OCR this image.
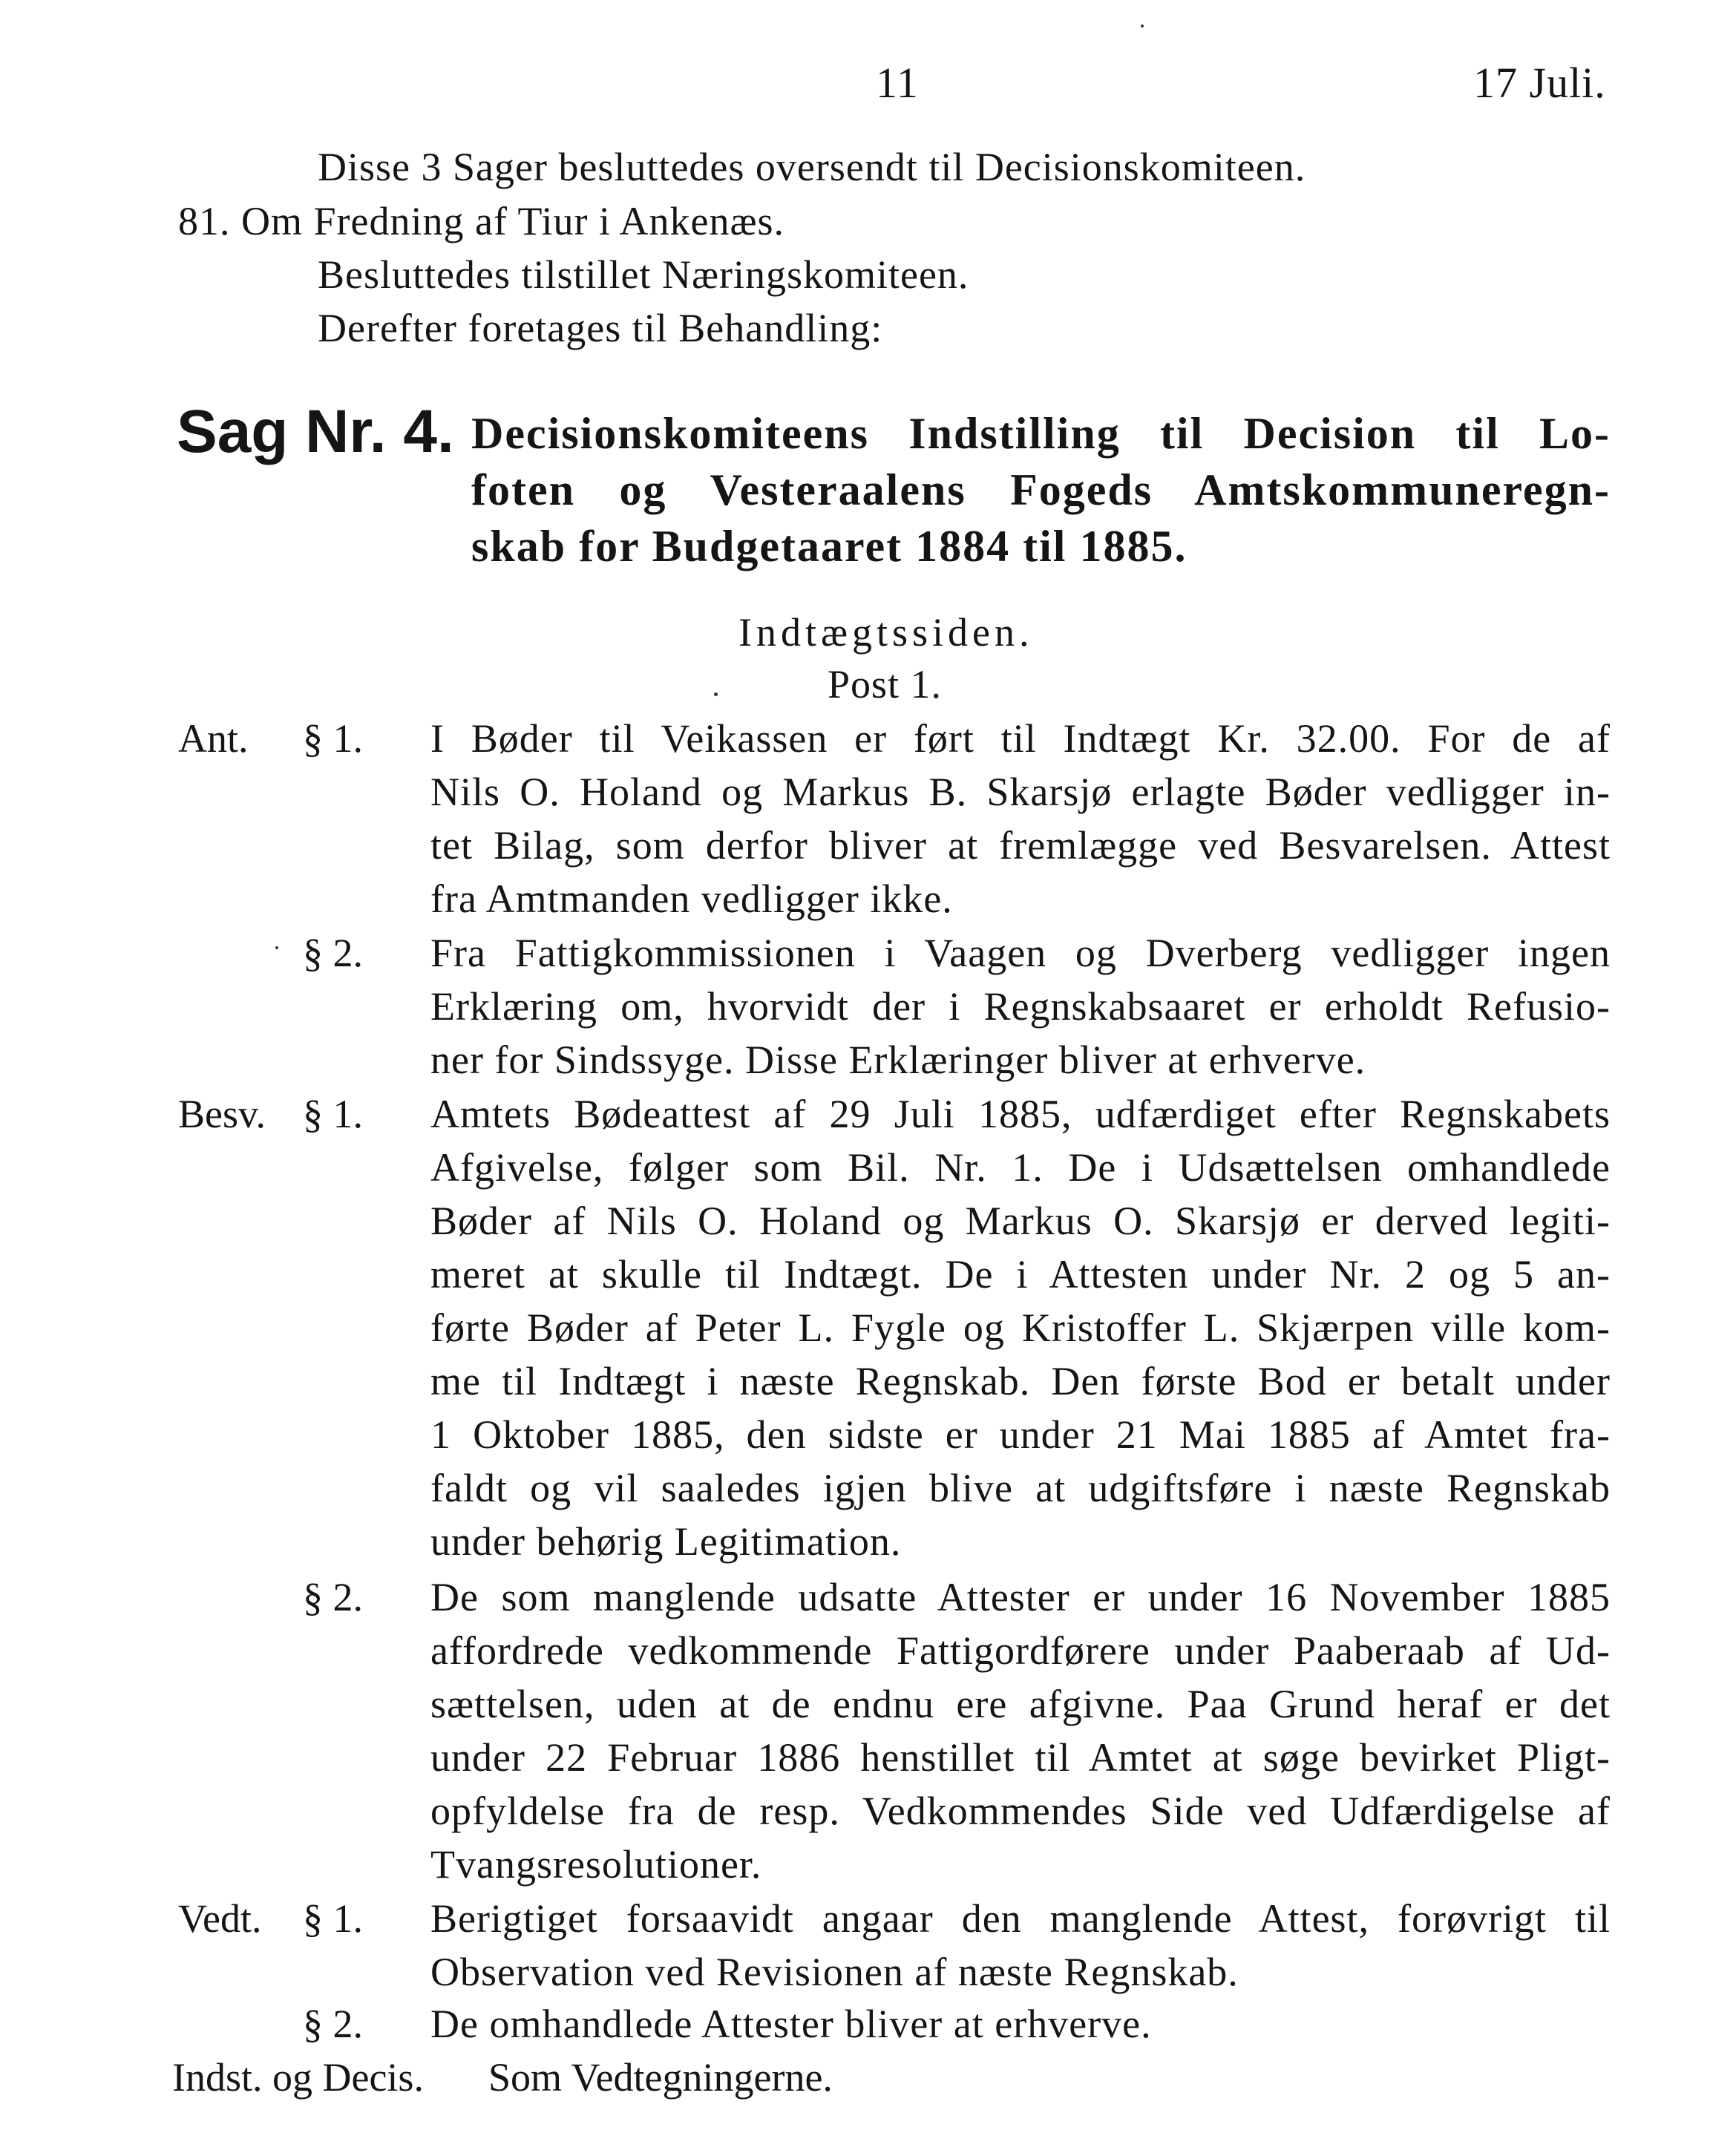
11	17 Juli.
Disse 3 Sager besluttedes oversendt til Decisionskomiteen.
81. Om Fredning af Tiur i Ankenæs.
Besluttedes tilstillet Næringskomiteen.
Derefter foretages til Behandling:
Sag Nr. 4. Decisionskomiteens Indstilling til Decision til Lo-
foten og Vesteraalens Fogeds Amtskommuneregn-
skab for Budgetaaret 1884 til 1885.
Indtægtssiden.
Post 1.
Ant. § 1. I Bøder til Veikassen er ført til Indtægt Kr. 32.00. For de af
Nils O. Holand og Markus B. Skarsjø erlagte Bøder vedligger in-
tet Bilag, som derfor bliver at fremlægge ved Besvarelsen. Attest
fra Amtmanden vedligger ikke.
§ 2. Fra Fattigkommissionen i Vaagen og Dverberg vedligger ingen
Erklæring om, hvorvidt der i Regnskabsaaret er erholdt Refusio-
ner for Sindssyge. Disse Erklæringer bliver at erhverve.
Besv. § 1. Amtets Bødeattest af 29 Juli 1885, udfærdiget efter Regnskabets
Afgivelse, følger som Bil. Nr. 1. De i Udsættelsen omhandlede
Bøder af Nils O. Holand og Markus O. Skarsjø er derved legiti-
meret at skulle til Indtægt. De i Attesten under Nr. 2 og 5 an-
førte Bøder af Peter L. Fygle og Kristoffer L. Skjærpen ville kom-
me til Indtægt i næste Regnskab. Den første Bod er betalt under
1 Oktober 1885, den sidste er under 21 Mai 1885 af Amtet fra-
faldt og vil saaledes igjen blive at udgiftsføre i næste Regnskab
under behørig Legitimation.
§ 2. De som manglende udsatte Attester er under 16 November 1885
affordrede vedkommende Fattigordførere under Paaberaab af Ud-
sættelsen, uden at de endnu ere afgivne. Paa Grund heraf er det
under 22 Februar 1886 henstillet til Amtet at søge bevirket Pligt-
opfyldelse fra de resp. Vedkommendes Side ved Udfærdigelse af
Tvangsresolutioner.
Vedt. § 1. Berigtiget forsaavidt angaar den manglende Attest, forøvrigt til
Observation ved Revisionen af næste Regnskab.
§ 2. De omhandlede Attester bliver at erhverve.
Indst. og Decis. Som Vedtegningerne.
